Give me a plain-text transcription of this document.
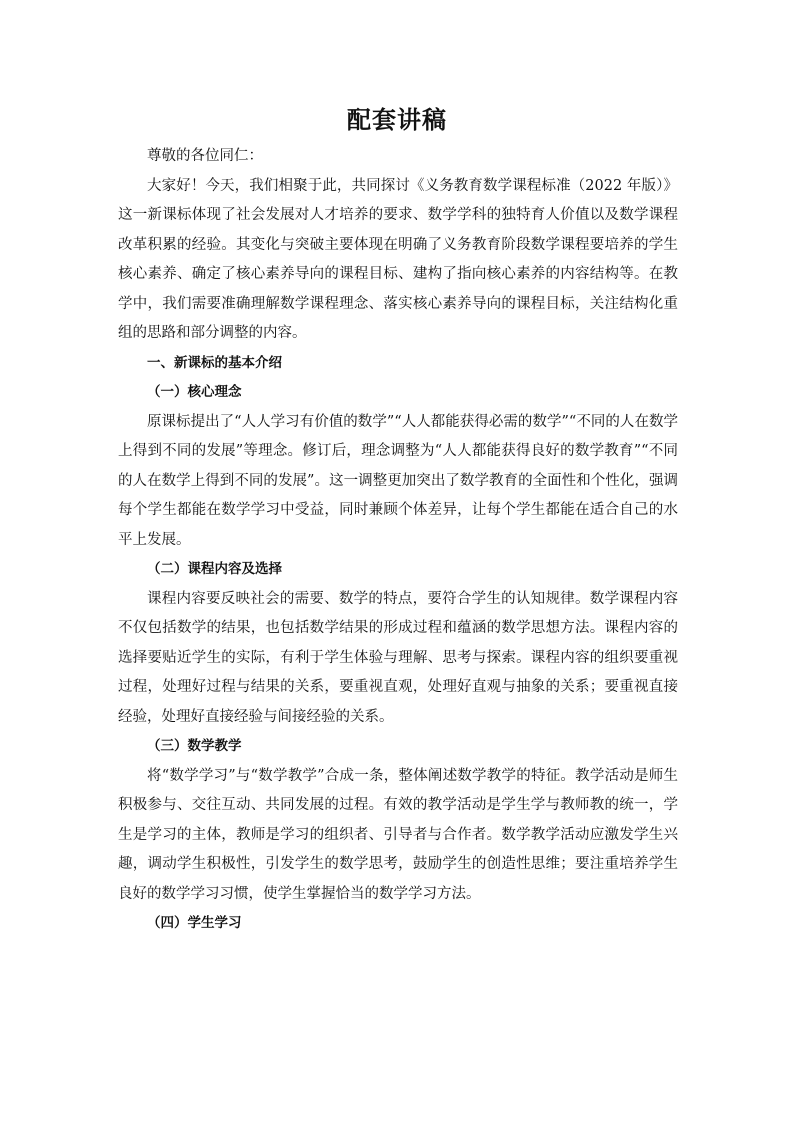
配套讲稿

尊敬的各位同仁：

大家好！今天，我们相聚于此，共同探讨《义务教育数学课程标准（2022 年版）》这一新课标体现了社会发展对人才培养的要求、数学学科的独特育人价值以及数学课程改革积累的经验。其变化与突破主要体现在明确了义务教育阶段数学课程要培养的学生核心素养、确定了核心素养导向的课程目标、建构了指向核心素养的内容结构等。在教学中，我们需要准确理解数学课程理念、落实核心素养导向的课程目标，关注结构化重组的思路和部分调整的内容。

一、新课标的基本介绍

（一）核心理念

原课标提出了“人人学习有价值的数学”“人人都能获得必需的数学”“不同的人在数学上得到不同的发展”等理念。修订后，理念调整为“人人都能获得良好的数学教育”“不同的人在数学上得到不同的发展”。这一调整更加突出了数学教育的全面性和个性化，强调每个学生都能在数学学习中受益，同时兼顾个体差异，让每个学生都能在适合自己的水平上发展。

（二）课程内容及选择

课程内容要反映社会的需要、数学的特点，要符合学生的认知规律。数学课程内容不仅包括数学的结果，也包括数学结果的形成过程和蕴涵的数学思想方法。课程内容的选择要贴近学生的实际，有利于学生体验与理解、思考与探索。课程内容的组织要重视过程，处理好过程与结果的关系，要重视直观，处理好直观与抽象的关系；要重视直接经验，处理好直接经验与间接经验的关系。

（三）数学教学

将“数学学习”与“数学教学”合成一条，整体阐述数学教学的特征。教学活动是师生积极参与、交往互动、共同发展的过程。有效的教学活动是学生学与教师教的统一，学生是学习的主体，教师是学习的组织者、引导者与合作者。数学教学活动应激发学生兴趣，调动学生积极性，引发学生的数学思考，鼓励学生的创造性思维；要注重培养学生良好的数学学习习惯，使学生掌握恰当的数学学习方法。

（四）学生学习
